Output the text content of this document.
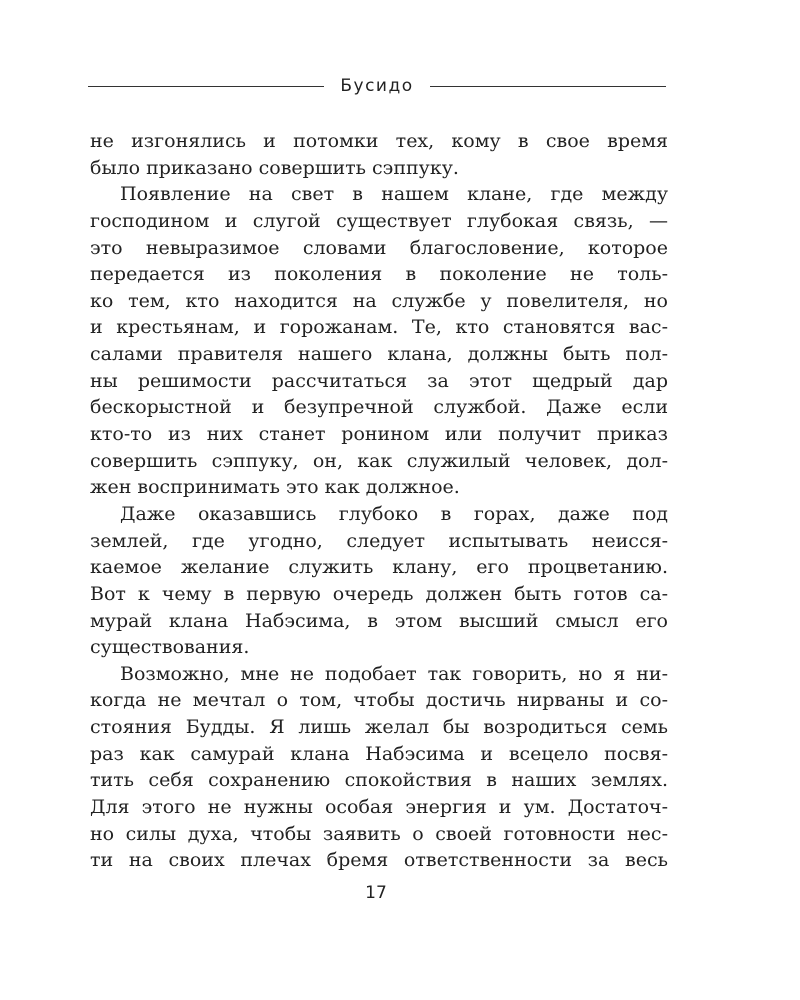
Бусидо
не изгонялись и потомки тех, кому в свое время
было приказано совершить сэппуку.
Появление на свет в нашем клане, где между
господином и слугой существует глубокая связь, —
это невыразимое словами благословение, которое
передается из поколения в поколение не толь-
ко тем, кто находится на службе у повелителя, но
и крестьянам, и горожанам. Те, кто становятся вас-
салами правителя нашего клана, должны быть пол-
ны решимости рассчитаться за этот щедрый дар
бескорыстной и безупречной службой. Даже если
кто-то из них станет ронином или получит приказ
совершить сэппуку, он, как служилый человек, дол-
жен воспринимать это как должное.
Даже оказавшись глубоко в горах, даже под
землей, где угодно, следует испытывать неисся-
каемое желание служить клану, его процветанию.
Вот к чему в первую очередь должен быть готов са-
мурай клана Набэсима, в этом высший смысл его
существования.
Возможно, мне не подобает так говорить, но я ни-
когда не мечтал о том, чтобы достичь нирваны и со-
стояния Будды. Я лишь желал бы возродиться семь
раз как самурай клана Набэсима и всецело посвя-
тить себя сохранению спокойствия в наших землях.
Для этого не нужны особая энергия и ум. Достаточ-
но силы духа, чтобы заявить о своей готовности нес-
ти на своих плечах бремя ответственности за весь
17
